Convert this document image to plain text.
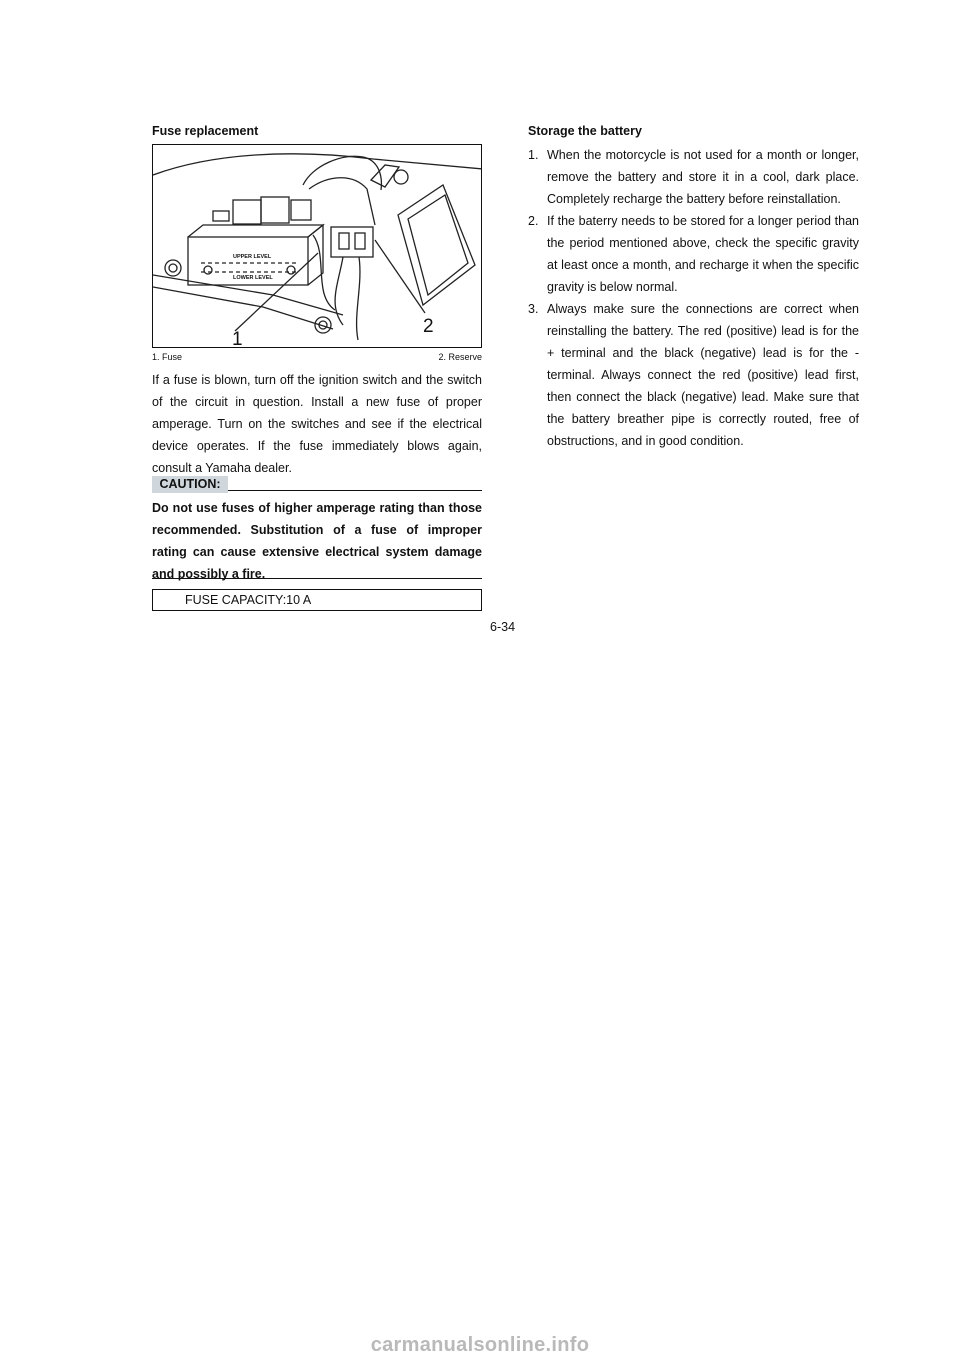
Fuse replacement
1
2
UPPER LEVEL
LOWER LEVEL
1. Fuse	2. Reserve
If a fuse is blown, turn off the ignition switch and the switch of the circuit in question. Install a new fuse of proper amperage. Turn on the switches and see if the electrical device operates. If the fuse immediately blows again, consult a Yamaha dealer.
CAUTION:
Do not use fuses of higher amperage rating than those recommended. Substitution of a fuse of improper rating can cause extensive electrical system damage and possibly a fire.
FUSE CAPACITY:10 A
6-34
Storage the battery
1. When the motorcycle is not used for a month or longer, remove the battery and store it in a cool, dark place. Completely recharge the battery before reinstallation.
2. If the baterry needs to be stored for a longer period than the period mentioned above, check the specific gravity at least once a month, and recharge it when the specific gravity is below normal.
3. Always make sure the connections are correct when reinstalling the battery. The red (positive) lead is for the + terminal and the black (negative) lead is for the - terminal. Always connect the red (positive) lead first, then connect the black (negative) lead. Make sure that the battery breather pipe is correctly routed, free of obstructions, and in good condition.
carmanualsonline.info
